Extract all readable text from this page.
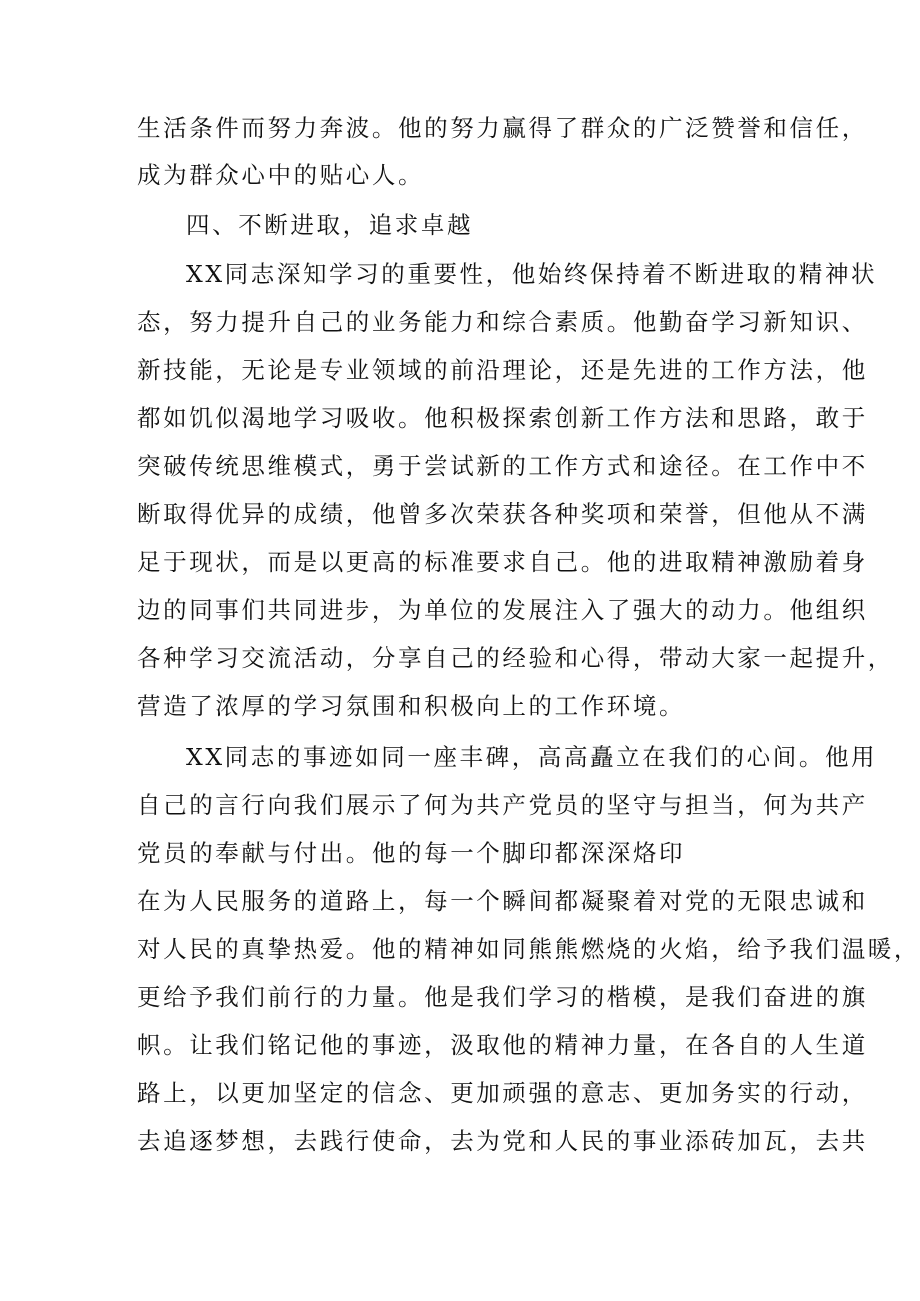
生活条件而努力奔波。他的努力赢得了群众的广泛赞誉和信任，
成为群众心中的贴心人。
四、不断进取，追求卓越
XX同志深知学习的重要性，他始终保持着不断进取的精神状
态，努力提升自己的业务能力和综合素质。他勤奋学习新知识、
新技能，无论是专业领域的前沿理论，还是先进的工作方法，他
都如饥似渴地学习吸收。他积极探索创新工作方法和思路，敢于
突破传统思维模式，勇于尝试新的工作方式和途径。在工作中不
断取得优异的成绩，他曾多次荣获各种奖项和荣誉，但他从不满
足于现状，而是以更高的标准要求自己。他的进取精神激励着身
边的同事们共同进步，为单位的发展注入了强大的动力。他组织
各种学习交流活动，分享自己的经验和心得，带动大家一起提升，
营造了浓厚的学习氛围和积极向上的工作环境。
XX同志的事迹如同一座丰碑，高高矗立在我们的心间。他用
自己的言行向我们展示了何为共产党员的坚守与担当，何为共产
党员的奉献与付出。他的每一个脚印都深深烙印
在为人民服务的道路上，每一个瞬间都凝聚着对党的无限忠诚和
对人民的真挚热爱。他的精神如同熊熊燃烧的火焰，给予我们温暖，
更给予我们前行的力量。他是我们学习的楷模，是我们奋进的旗
帜。让我们铭记他的事迹，汲取他的精神力量，在各自的人生道
路上，以更加坚定的信念、更加顽强的意志、更加务实的行动，
去追逐梦想，去践行使命，去为党和人民的事业添砖加瓦，去共
